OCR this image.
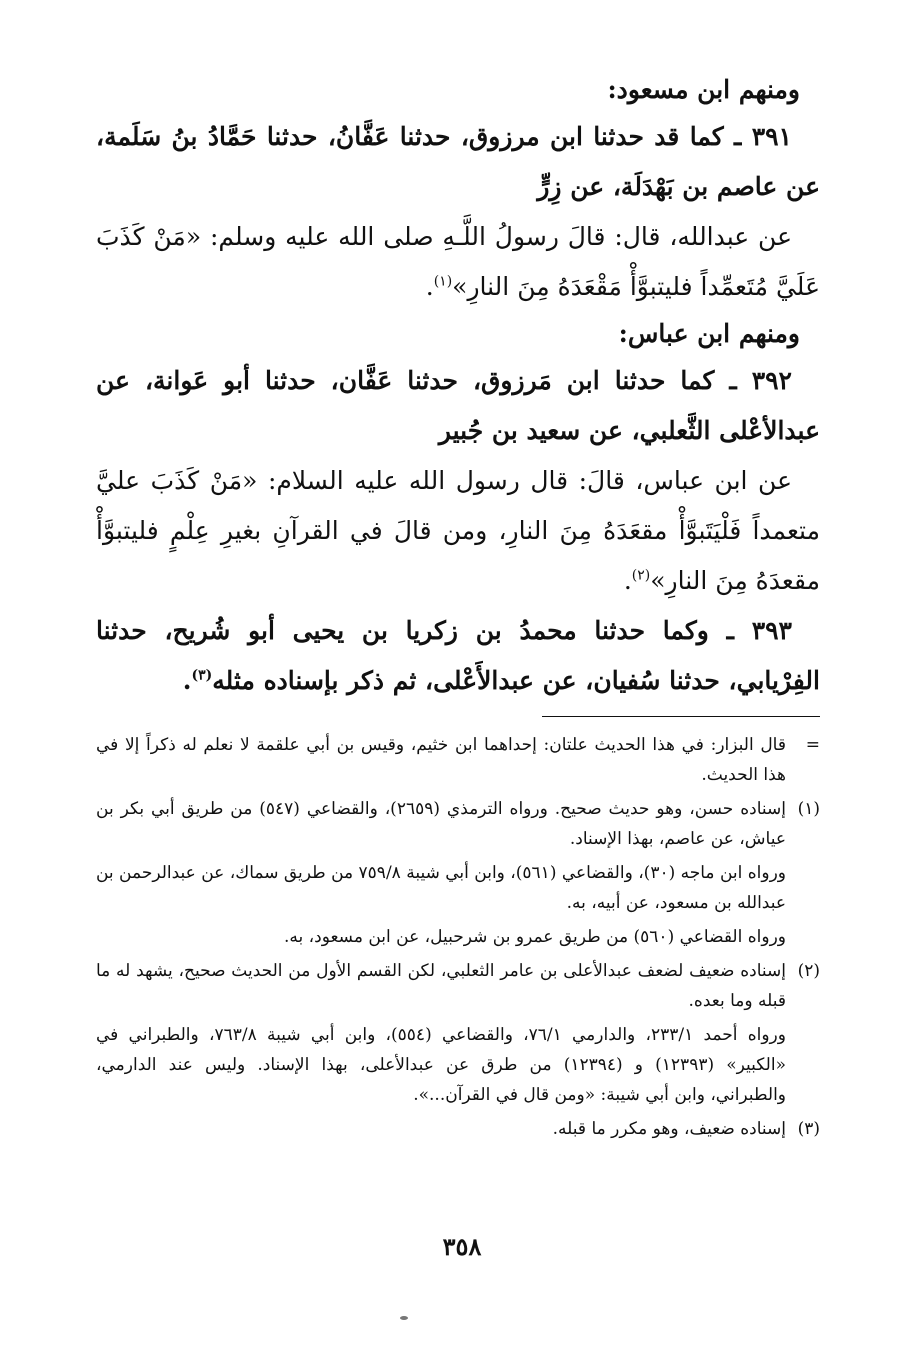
ومنهم ابن مسعود:

٣٩١ ـ كما قد حدثنا ابن مرزوق، حدثنا عَفَّانُ، حدثنا حَمَّادُ بنُ سَلَمة، عن عاصم بن بَهْدَلَة، عن زِرٍّ

عن عبدالله، قال: قالَ رسولُ اللَّـهِ صلى الله عليه وسلم: «مَنْ كَذَبَ عَلَيَّ مُتَعمِّداً فليتبوَّأْ مَقْعَدَهُ مِنَ النارِ»$^{(١)}$.

ومنهم ابن عباس:

٣٩٢ ـ كما حدثنا ابن مَرزوق، حدثنا عَفَّان، حدثنا أبو عَوانة، عن عبدالأعْلى الثَّعلبي، عن سعيد بن جُبير

عن ابن عباس، قالَ: قال رسول الله عليه السلام: «مَنْ كَذَبَ عليَّ متعمداً فَلْيَتَبوَّأْ مقعَدَهُ مِنَ النارِ، ومن قالَ في القرآنِ بغيرِ عِلْمٍ فليتبوَّأْ مقعدَهُ مِنَ النارِ»$^{(٢)}$.

٣٩٣ ـ وكما حدثنا محمدُ بن زكريا بن يحيى أبو شُريح، حدثنا الفِرْيابي، حدثنا سُفيان، عن عبدالأَعْلى، ثم ذكر بإسناده مثله$^{(٣)}$.

=
قال البزار: في هذا الحديث علتان: إحداهما ابن خثيم، وقيس بن أبي علقمة لا نعلم له ذكراً إلا في هذا الحديث.
(١)
إسناده حسن، وهو حديث صحيح. ورواه الترمذي (٢٦٥٩)، والقضاعي (٥٤٧) من طريق أبي بكر بن عياش، عن عاصم، بهذا الإسناد.

ورواه ابن ماجه (٣٠)، والقضاعي (٥٦١)، وابن أبي شيبة ٧٥٩/٨ من طريق سماك، عن عبدالرحمن بن عبدالله بن مسعود، عن أبيه، به.

ورواه القضاعي (٥٦٠) من طريق عمرو بن شرحبيل، عن ابن مسعود، به.

(٢)
إسناده ضعيف لضعف عبدالأعلى بن عامر الثعلبي، لكن القسم الأول من الحديث صحيح، يشهد له ما قبله وما بعده.

ورواه أحمد ٢٣٣/١، والدارمي ٧٦/١، والقضاعي (٥٥٤)، وابن أبي شيبة ٧٦٣/٨، والطبراني في «الكبير» (١٢٣٩٣) و (١٢٣٩٤) من طرق عن عبدالأعلى، بهذا الإسناد. وليس عند الدارمي، والطبراني، وابن أبي شيبة: «ومن قال في القرآن...».

(٣)
إسناده ضعيف، وهو مكرر ما قبله.
٣٥٨
